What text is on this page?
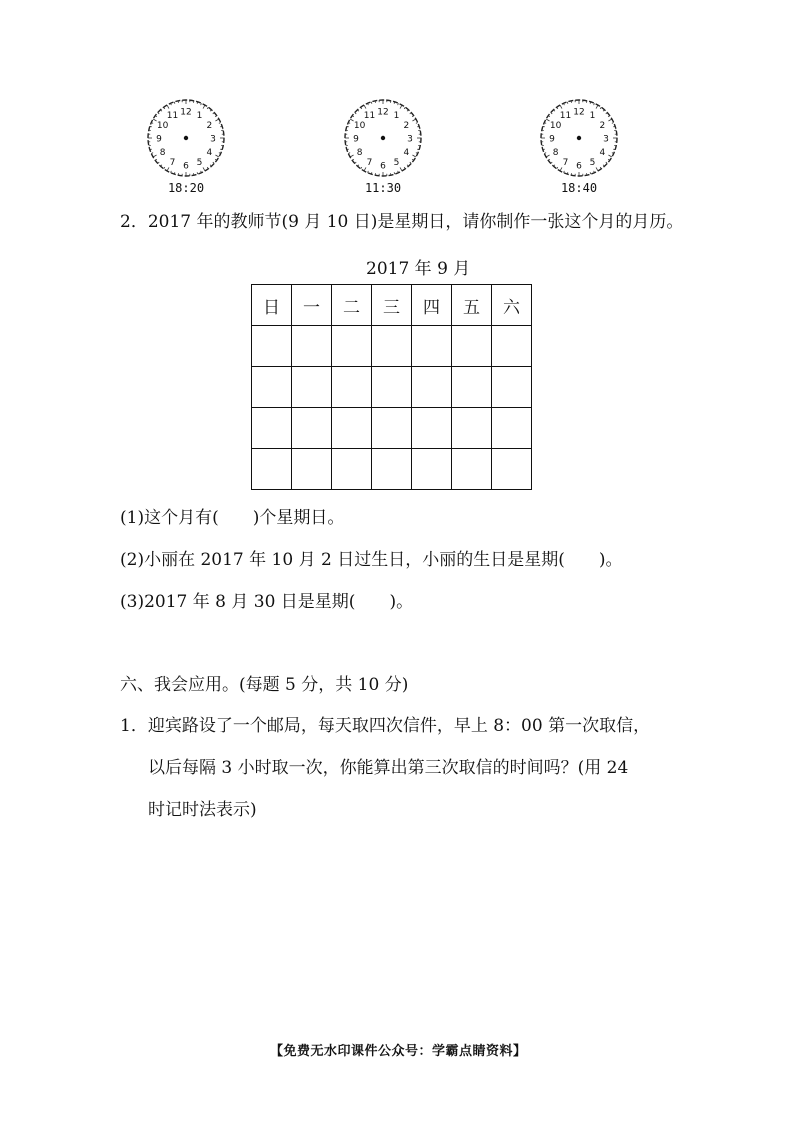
12 1
2
3
4
5
6
7
8
9
10
11
18:20
12 1
2
3
4
5
6
7
8
9
10
11
11:30
12 1
2
3
4
5
6
7
8
9
10
11
18:40
2．2017 年的教师节(9 月 10 日)是星期日，请你制作一张这个月的月历。
2017 年 9 月
日	一	二	三	四	五	六

(1)这个月有(　　)个星期日。
(2)小丽在 2017 年 10 月 2 日过生日，小丽的生日是星期(　　)。
(3)2017 年 8 月 30 日是星期(　　)。
六、我会应用。(每题 5 分，共 10 分)
1．迎宾路设了一个邮局，每天取四次信件，早上 8：00 第一次取信，
以后每隔 3 小时取一次，你能算出第三次取信的时间吗？(用 24
时记时法表示)
【免费无水印课件公众号：学霸点睛资料】
